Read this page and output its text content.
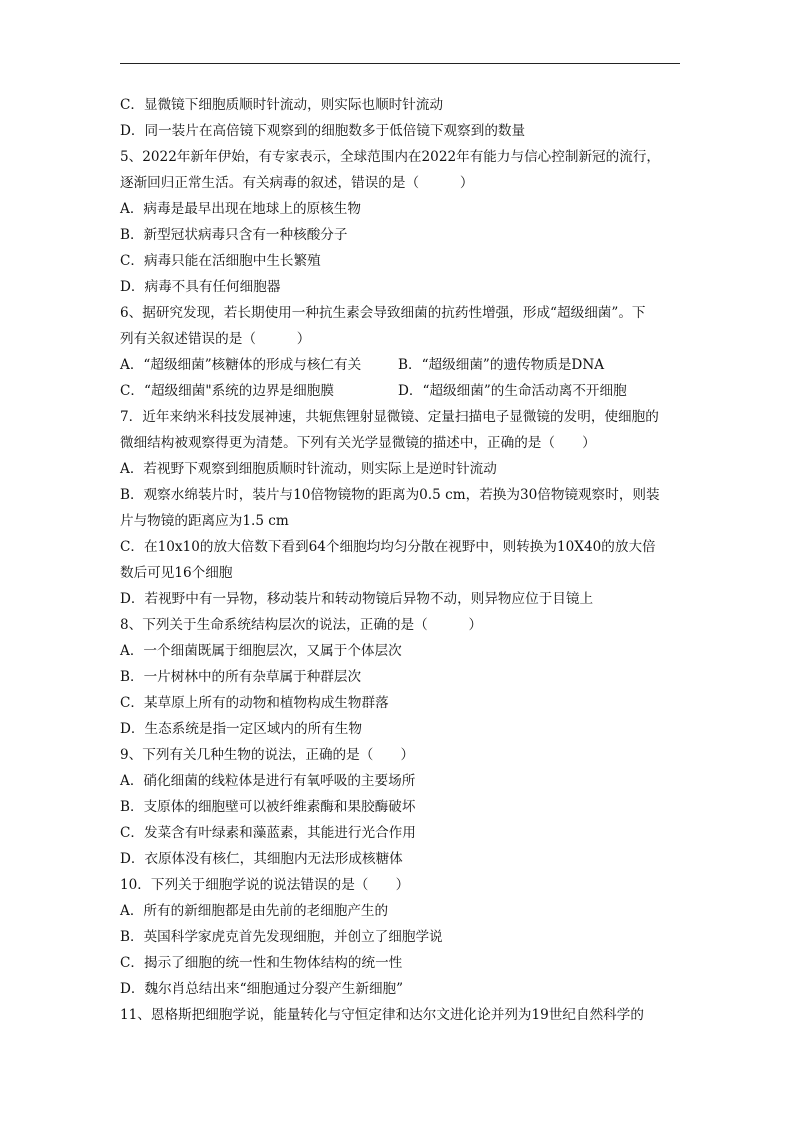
C．显微镜下细胞质顺时针流动，则实际也顺时针流动
D．同一装片在高倍镜下观察到的细胞数多于低倍镜下观察到的数量
5、2022年新年伊始，有专家表示，全球范围内在2022年有能力与信心控制新冠的流行，
逐渐回归正常生活。有关病毒的叙述，错误的是（　　　）
A．病毒是最早出现在地球上的原核生物
B．新型冠状病毒只含有一种核酸分子
C．病毒只能在活细胞中生长繁殖
D．病毒不具有任何细胞器
6、据研究发现，若长期使用一种抗生素会导致细菌的抗药性增强，形成“超级细菌”。下
列有关叙述错误的是（　　　）
A．“超级细菌”核糖体的形成与核仁有关	B．“超级细菌”的遗传物质是DNA
C．“超级细菌"系统的边界是细胞膜	D．“超级细菌”的生命活动离不开细胞
7．近年来纳米科技发展神速，共轭焦锂射显微镜、定量扫描电子显微镜的发明，使细胞的
微细结构被观察得更为清楚。下列有关光学显微镜的描述中，正确的是（　　）
A．若视野下观察到细胞质顺时针流动，则实际上是逆时针流动
B．观察水绵装片时，装片与10倍物镜物的距离为0.5 cm，若换为30倍物镜观察时，则装
片与物镜的距离应为1.5 cm
C．在10x10的放大倍数下看到64个细胞均均匀分散在视野中，则转换为10X40的放大倍
数后可见16个细胞
D．若视野中有一异物，移动装片和转动物镜后异物不动，则异物应位于目镜上
8、下列关于生命系统结构层次的说法，正确的是（　　　）
A．一个细菌既属于细胞层次，又属于个体层次
B．一片树林中的所有杂草属于种群层次
C．某草原上所有的动物和植物构成生物群落
D．生态系统是指一定区域内的所有生物
9、下列有关几种生物的说法，正确的是（　　）
A．硝化细菌的线粒体是进行有氧呼吸的主要场所
B．支原体的细胞壁可以被纤维素酶和果胶酶破坏
C．发菜含有叶绿素和藻蓝素，其能进行光合作用
D．衣原体没有核仁，其细胞内无法形成核糖体
10．下列关于细胞学说的说法错误的是（　　）
A．所有的新细胞都是由先前的老细胞产生的
B．英国科学家虎克首先发现细胞，并创立了细胞学说
C．揭示了细胞的统一性和生物体结构的统一性
D．魏尔肖总结出来“细胞通过分裂产生新细胞”
11、恩格斯把细胞学说，能量转化与守恒定律和达尔文进化论并列为19世纪自然科学的
